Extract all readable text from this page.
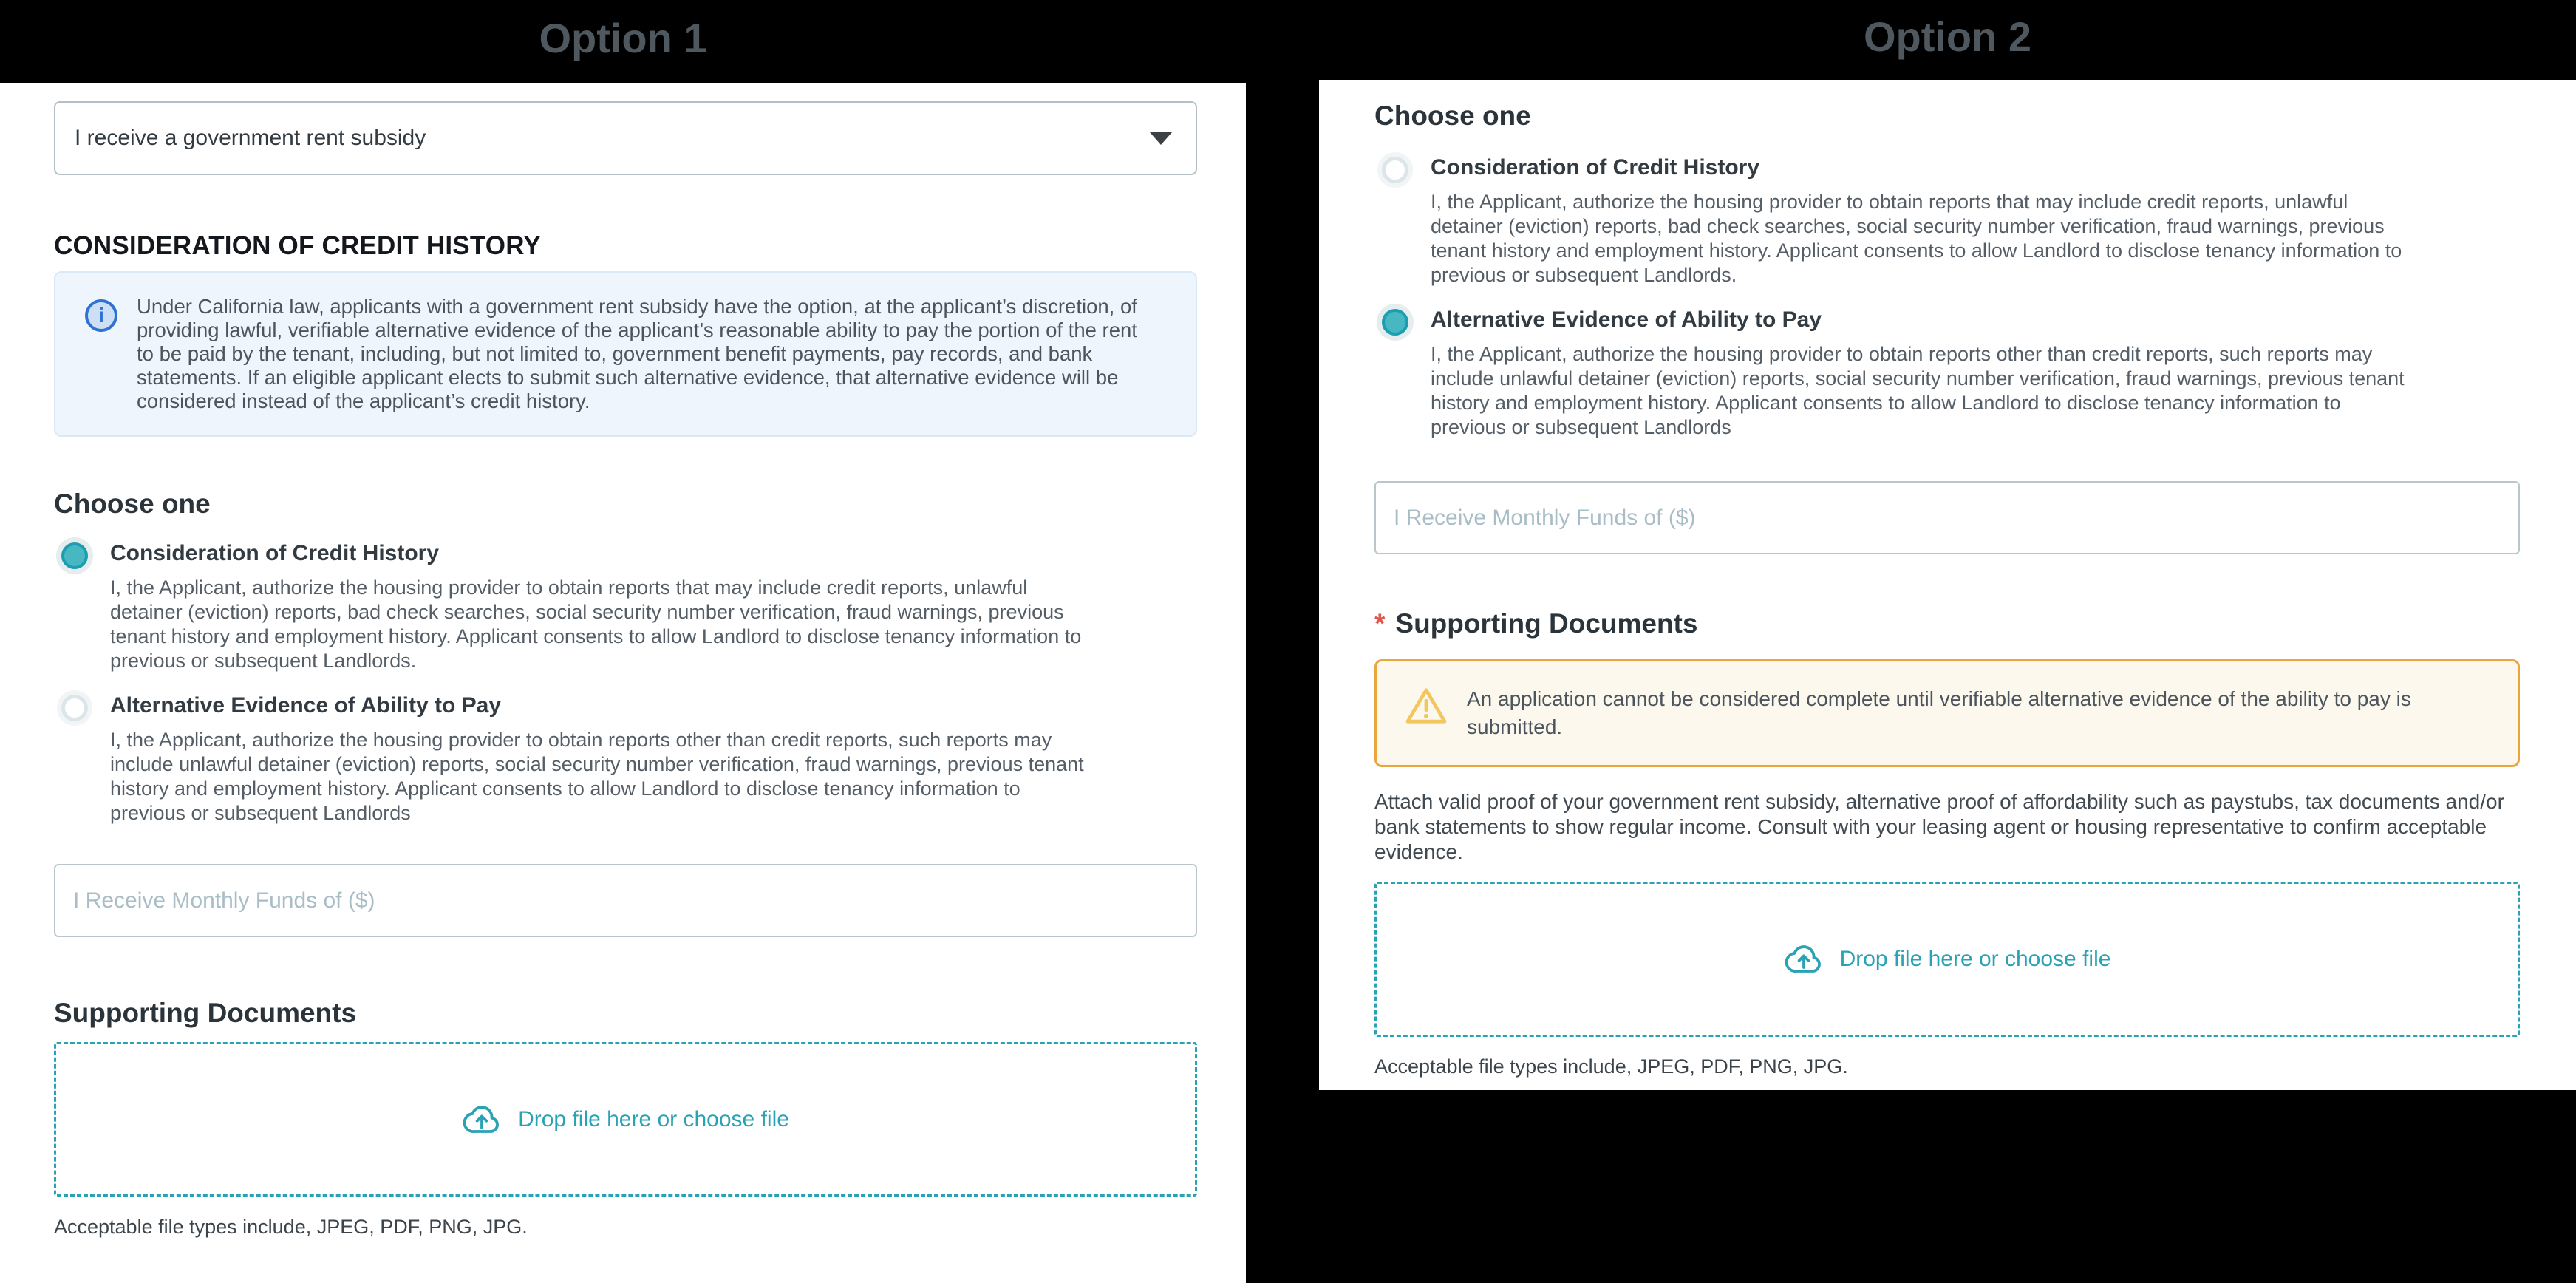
Option 1
I receive a government rent subsidy
CONSIDERATION OF CREDIT HISTORY
i	Under California law, applicants with a government rent subsidy have the option, at the applicant’s discretion, of providing lawful, verifiable alternative evidence of the applicant’s reasonable ability to pay the portion of the rent to be paid by the tenant, including, but not limited to, government benefit payments, pay records, and bank statements. If an eligible applicant elects to submit such alternative evidence, that alternative evidence will be considered instead of the applicant’s credit history.

Choose one
Consideration of Credit History

I, the Applicant, authorize the housing provider to obtain reports that may include credit reports, unlawful detainer (eviction) reports, bad check searches, social security number verification, fraud warnings, previous tenant history and employment history. Applicant consents to allow Landlord to disclose tenancy information to previous or subsequent Landlords.

Alternative Evidence of Ability to Pay

I, the Applicant, authorize the housing provider to obtain reports other than credit reports, such reports may include unlawful detainer (eviction) reports, social security number verification, fraud warnings, previous tenant history and employment history. Applicant consents to allow Landlord to disclose tenancy information to previous or subsequent Landlords

I Receive Monthly Funds of ($)
Supporting Documents
Drop file here or choose file

Acceptable file types include, JPEG, PDF, PNG, JPG.

Option 2
Choose one
Consideration of Credit History

I, the Applicant, authorize the housing provider to obtain reports that may include credit reports, unlawful detainer (eviction) reports, bad check searches, social security number verification, fraud warnings, previous tenant history and employment history. Applicant consents to allow Landlord to disclose tenancy information to previous or subsequent Landlords.

Alternative Evidence of Ability to Pay

I, the Applicant, authorize the housing provider to obtain reports other than credit reports, such reports may include unlawful detainer (eviction) reports, social security number verification, fraud warnings, previous tenant history and employment history. Applicant consents to allow Landlord to disclose tenancy information to previous or subsequent Landlords

I Receive Monthly Funds of ($)
* Supporting Documents

An application cannot be considered complete until verifiable alternative evidence of the ability to pay is submitted.

Attach valid proof of your government rent subsidy, alternative proof of affordability such as paystubs, tax documents and/or bank statements to show regular income. Consult with your leasing agent or housing representative to confirm acceptable evidence.

Drop file here or choose file

Acceptable file types include, JPEG, PDF, PNG, JPG.
